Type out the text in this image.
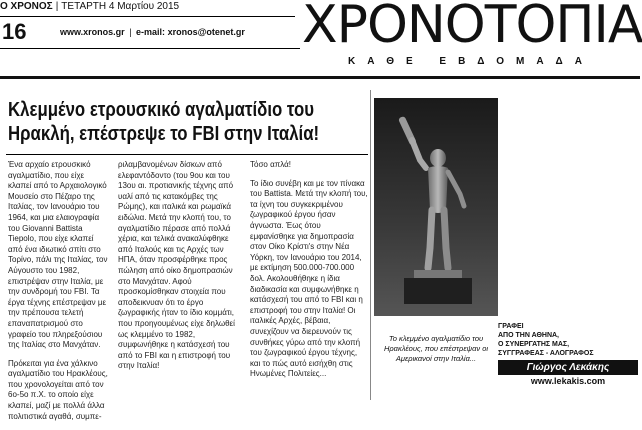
Ο ΧΡΟΝΟΣ | ΤΕΤΑΡΤΗ 4 Μαρτίου 2015
16	www.xronos.gr | e-mail: xronos@otenet.gr ΧΡΟΝΟΤΟΠΙΑ
ΚΑΘΕ ΕΒΔΟΜΑΔΑ
Κλεμμένο ετρουσκικό αγαλματίδιο του
Ηρακλή, επέστρεψε το FBI στην Ιταλία!

Ένα αρχαίο ετρουσκικό αγαλματίδιο, που είχε κλαπεί από το Αρχαιολογικό Μουσείο στο Πέζαρο της Ιταλίας, τον Ιανουάριο του 1964, και μια ελαιογραφία του Giovanni Battista Tiepolo, που είχε κλαπεί από ένα ιδιωτικό σπίτι στο Τορίνο, πάλι της Ιταλίας, τον Αύγουστο του 1982, επιστρέψαν στην Ιταλία, με την συνδρομή του FBI. Τα έργα τέχνης επέστρεψαν με την πρέπουσα τελετή επαναπατρισμού στο γραφείο του πληρεξούσιου της Ιταλίας στο Μανχάταν.

Πρόκειται για ένα χάλκινο αγαλματίδιο του Ηρακλέους, που χρονολογείται από τον 6ο-5ο π.Χ. το οποίο είχε κλαπεί, μαζί με πολλά άλλα πολιτιστικά αγαθά, συμπε-

ριλαμβανομένων δίσκων από ελεφαντόδοντο (του 9ου και του 13ου αι. προτιανικής τέχνης από υαλί από τις κατακόμβες της Ρώμης), και ιταλικά και ρωμαϊκά ειδώλια. Μετά την κλοπή του, το αγαλματίδιο πέρασε από πολλά χέρια, και τελικά ανακαλύφθηκε από Ιταλούς και τις Αρχές των ΗΠΑ, όταν προσφέρθηκε προς πώληση από οίκο δημοπρασιών στο Μανχάταν. Αφού προσκομίσθηκαν στοιχεία που αποδεικνυαν ότι το έργο ζωγραφικής ήταν το ίδιο κομμάτι, που προηγουμένως είχε δηλωθεί ως κλεμμένο το 1982, συμφωνήθηκε η κατάσχεσή του από το FBI και η επιστροφή του στην Ιταλία!

Τόσο απλά!

Το ίδιο συνέβη και με τον πίνακα του Battista. Μετά την κλοπή του, τα ίχνη του συγκεκριμένου ζωγραφικού έργου ήσαν άγνωστα. Έως ότου εμφανίσθηκε για δημοπρασία στον Οίκο Κρίστι's στην Νέα Υόρκη, τον Ιανουάριο του 2014, με εκτίμηση 500.000-700.000 δολ. Ακολουθήθηκε η ίδια διαδικασία και συμφωνήθηκε η κατάσχεσή του από το FBI και η επιστροφή του στην Ιταλία! Οι ιταλικές Αρχές, βέβαια, συνεχίζουν να διερευνούν τις συνθήκες γύρω από την κλοπή του ζωγραφικού έργου τέχνης, και το πώς αυτό εισήχθη στις Ηνωμένες Πολιτείες...

Το κλεμμένο αγαλματίδιο του Ηρακλέους, που επέστρεψαν οι Αμερικανοί στην Ιταλία...
ΓΡΑΦΕΙ
ΑΠΟ ΤΗΝ ΑΘΗΝΑ,
Ο ΣΥΝΕΡΓΑΤΗΣ ΜΑΣ,
ΣΥΓΓΡΑΦΕΑΣ - ΑΛΟΓΡΑΦΟΣ
Γιώργος Λεκάκης
www.lekakis.com
